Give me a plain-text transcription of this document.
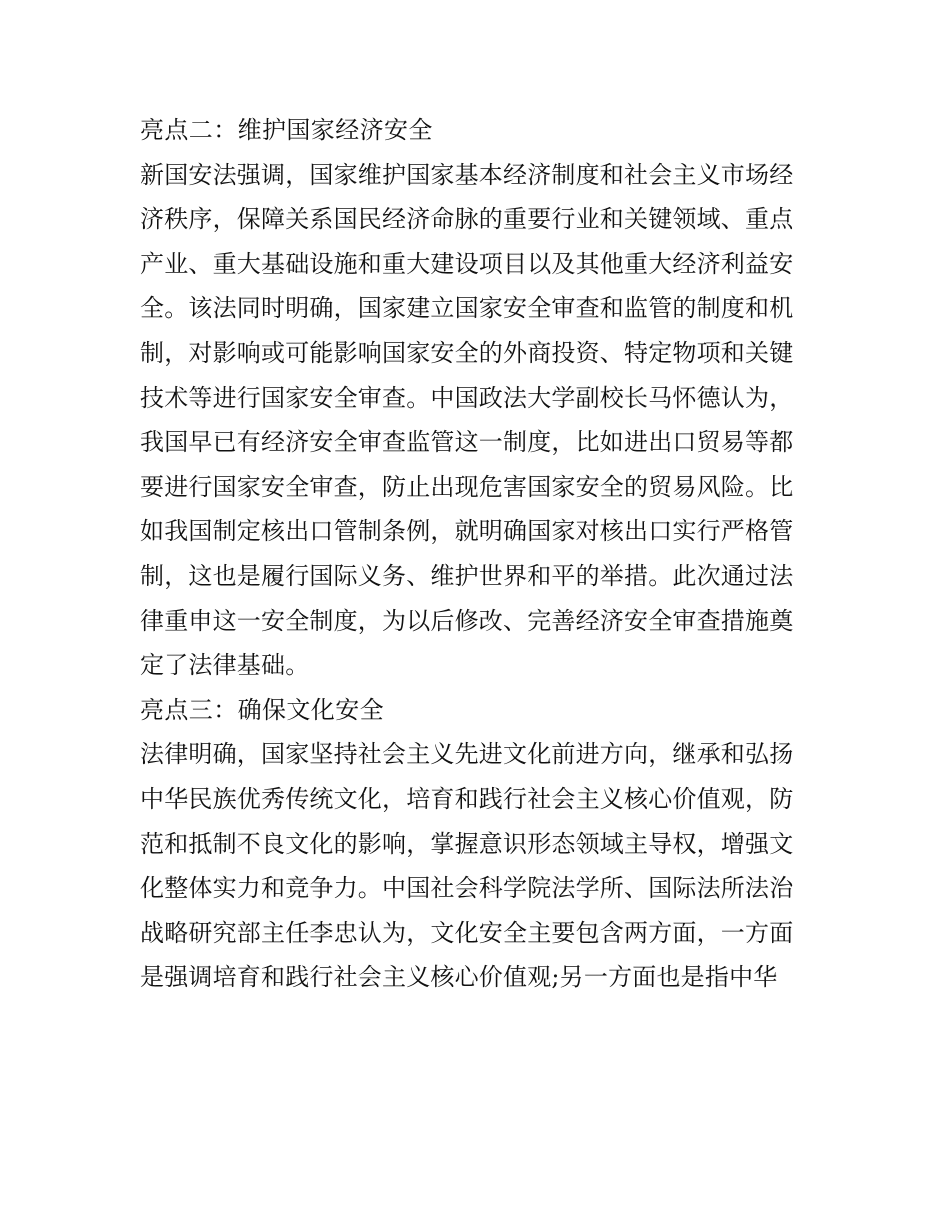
亮点二：维护国家经济安全
新国安法强调，国家维护国家基本经济制度和社会主义市场经
济秩序，保障关系国民经济命脉的重要行业和关键领域、重点
产业、重大基础设施和重大建设项目以及其他重大经济利益安
全。该法同时明确，国家建立国家安全审查和监管的制度和机
制，对影响或可能影响国家安全的外商投资、特定物项和关键
技术等进行国家安全审查。中国政法大学副校长马怀德认为，
我国早已有经济安全审查监管这一制度，比如进出口贸易等都
要进行国家安全审查，防止出现危害国家安全的贸易风险。比
如我国制定核出口管制条例，就明确国家对核出口实行严格管
制，这也是履行国际义务、维护世界和平的举措。此次通过法
律重申这一安全制度，为以后修改、完善经济安全审查措施奠
定了法律基础。
亮点三：确保文化安全
法律明确，国家坚持社会主义先进文化前进方向，继承和弘扬
中华民族优秀传统文化，培育和践行社会主义核心价值观，防
范和抵制不良文化的影响，掌握意识形态领域主导权，增强文
化整体实力和竞争力。中国社会科学院法学所、国际法所法治
战略研究部主任李忠认为，文化安全主要包含两方面，一方面
是强调培育和践行社会主义核心价值观;另一方面也是指中华
